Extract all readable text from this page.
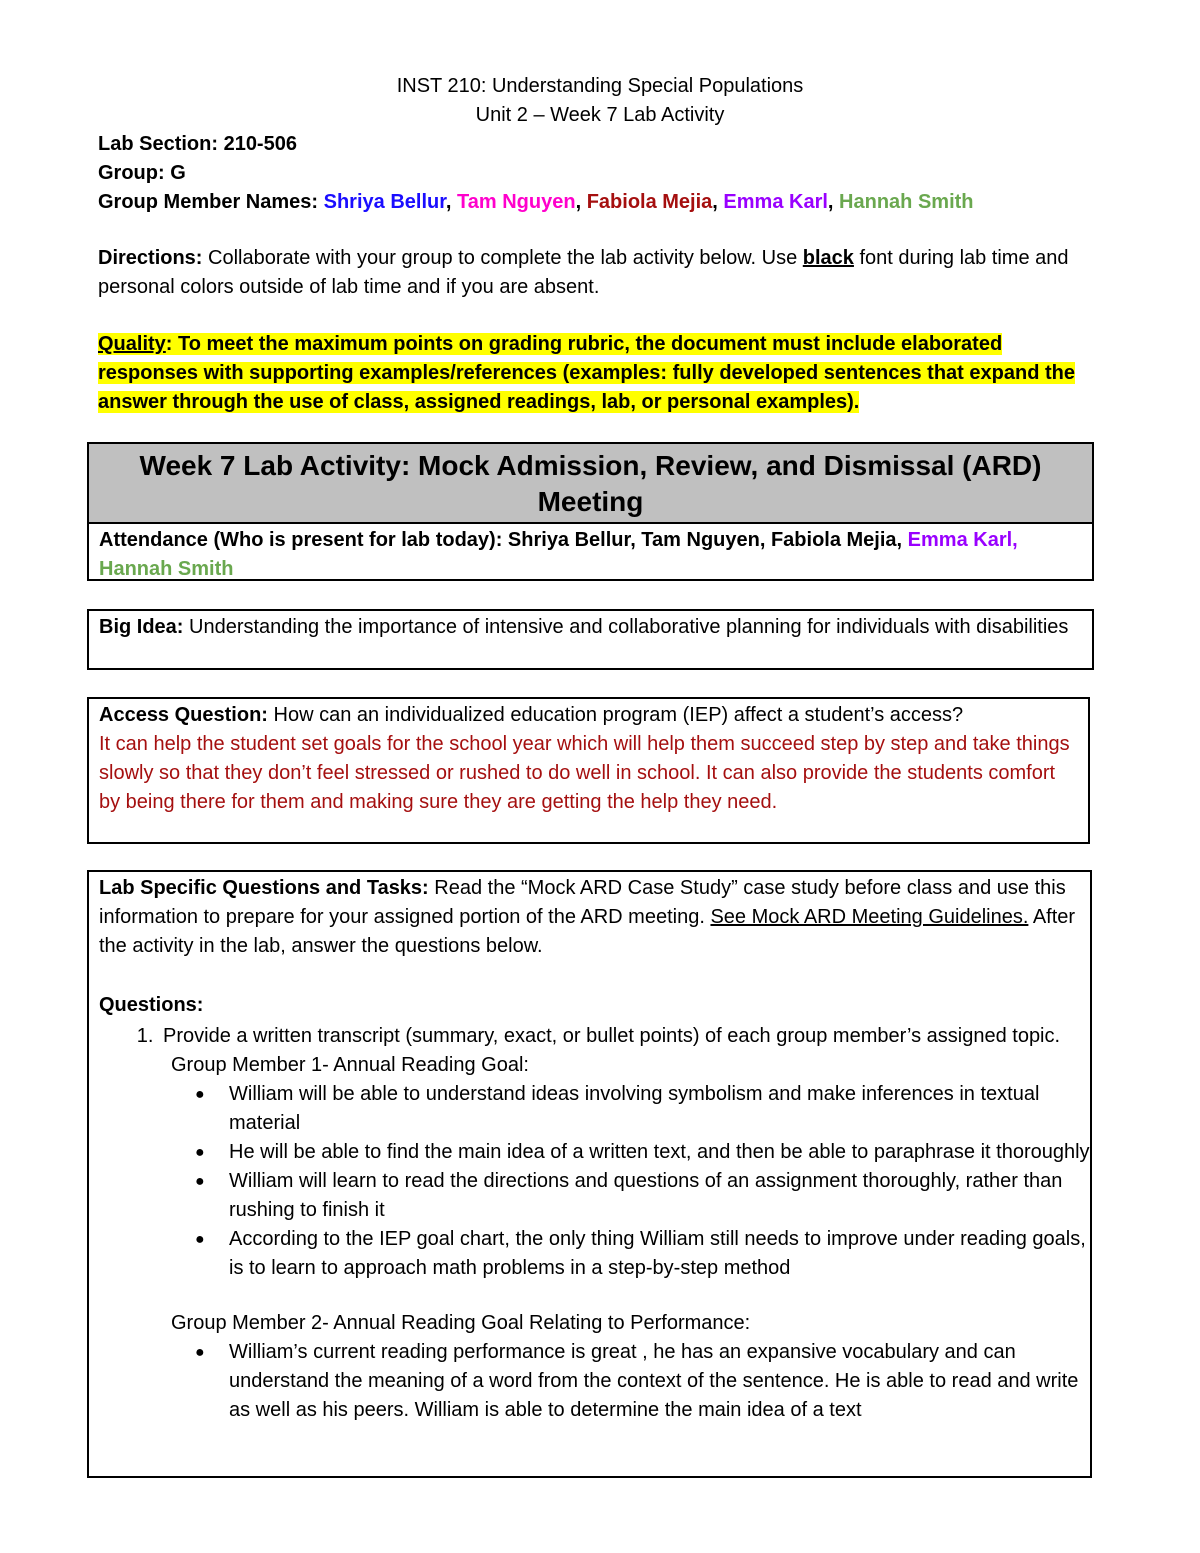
INST 210: Understanding Special Populations
Unit 2 – Week 7 Lab Activity
Lab Section: 210-506
Group: G
Group Member Names: Shriya Bellur, Tam Nguyen, Fabiola Mejia, Emma Karl, Hannah Smith
Directions: Collaborate with your group to complete the lab activity below. Use black font during lab time and personal colors outside of lab time and if you are absent.
Quality: To meet the maximum points on grading rubric, the document must include elaborated responses with supporting examples/references (examples: fully developed sentences that expand the answer through the use of class, assigned readings, lab, or personal examples).
Week 7 Lab Activity: Mock Admission, Review, and Dismissal (ARD) Meeting
Attendance (Who is present for lab today): Shriya Bellur, Tam Nguyen, Fabiola Mejia, Emma Karl,
Hannah Smith
Big Idea: Understanding the importance of intensive and collaborative planning for individuals with disabilities
Access Question: How can an individualized education program (IEP) affect a student’s access?
It can help the student set goals for the school year which will help them succeed step by step and take things slowly so that they don’t feel stressed or rushed to do well in school. It can also provide the students comfort by being there for them and making sure they are getting the help they need.
Lab Specific Questions and Tasks: Read the “Mock ARD Case Study” case study before class and use this information to prepare for your assigned portion of the ARD meeting. See Mock ARD Meeting Guidelines. After the activity in the lab, answer the questions below.
Questions:
1. Provide a written transcript (summary, exact, or bullet points) of each group member’s assigned topic.
Group Member 1- Annual Reading Goal:
● William will be able to understand ideas involving symbolism and make inferences in textual material
● He will be able to find the main idea of a written text, and then be able to paraphrase it thoroughly
● William will learn to read the directions and questions of an assignment thoroughly, rather than rushing to finish it
● According to the IEP goal chart, the only thing William still needs to improve under reading goals, is to learn to approach math problems in a step-by-step method
Group Member 2- Annual Reading Goal Relating to Performance:
● William’s current reading performance is great , he has an expansive vocabulary and can understand the meaning of a word from the context of the sentence. He is able to read and write as well as his peers. William is able to determine the main idea of a text
